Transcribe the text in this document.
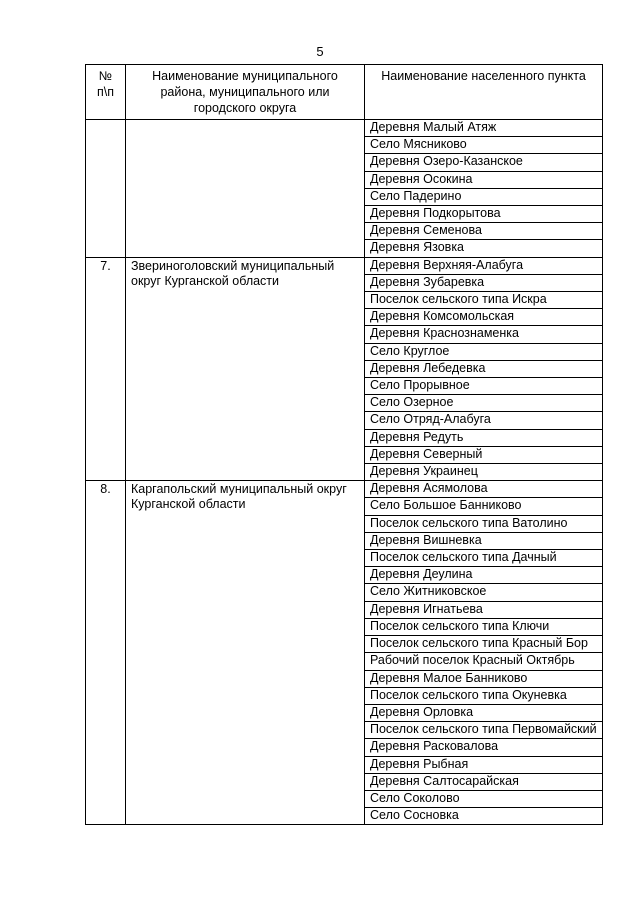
5
№ п\п	Наименование муниципального района, муниципального или городского округа	Наименование населенного пункта
		Деревня Малый Атяж
		Село Мясниково
		Деревня Озеро-Казанское
		Деревня Осокина
		Село Падерино
		Деревня Подкорытова
		Деревня Семенова
		Деревня Язовка
7.	Звериноголовский муниципальный округ Курганской области	Деревня Верхняя-Алабуга
		Деревня Зубаревка
		Поселок сельского типа Искра
		Деревня Комсомольская
		Деревня Краснознаменка
		Село Круглое
		Деревня Лебедевка
		Село Прорывное
		Село Озерное
		Село Отряд-Алабуга
		Деревня Редуть
		Деревня Северный
		Деревня Украинец
8.	Каргапольский муниципальный округ Курганской области	Деревня Асямолова
		Село Большое Банниково
		Поселок сельского типа Ватолино
		Деревня Вишневка
		Поселок сельского типа Дачный
		Деревня Деулина
		Село Житниковское
		Деревня Игнатьева
		Поселок сельского типа Ключи
		Поселок сельского типа Красный Бор
		Рабочий поселок Красный Октябрь
		Деревня Малое Банниково
		Поселок сельского типа Окуневка
		Деревня Орловка
		Поселок сельского типа Первомайский
		Деревня Расковалова
		Деревня Рыбная
		Деревня Салтосарайская
		Село Соколово
		Село Сосновка
